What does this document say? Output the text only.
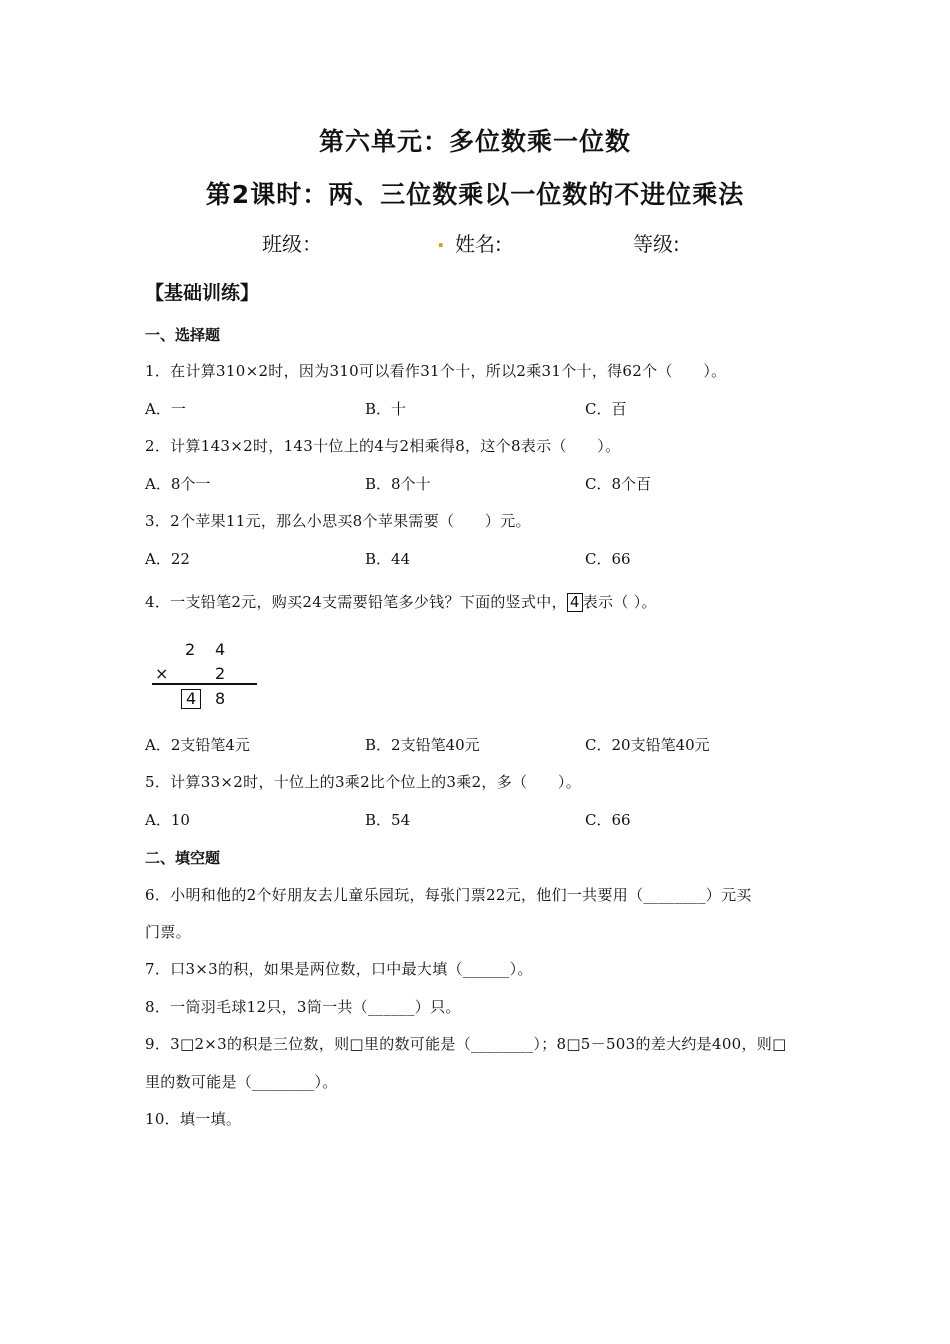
第六单元：多位数乘一位数
第2课时：两、三位数乘以一位数的不进位乘法
班级：	. 姓名:	等级:
【基础训练】
一、选择题
1．在计算310×2时，因为310可以看作31个十，所以2乘31个十，得62个（　　）。
A．一	B．十	C．百
2．计算143×2时，143十位上的4与2相乘得8，这个8表示（　　）。
A．8个一	B．8个十	C．8个百
3．2个苹果11元，那么小思买8个苹果需要（　　）元。
A．22	B．44	C．66
4．一支铅笔2元，购买24支需要铅笔多少钱？下面的竖式中， 4 表示（ ）。
2 4
×	2
4 8
A．2支铅笔4元	B．2支铅笔40元	C．20支铅笔40元
5．计算33×2时，十位上的3乘2比个位上的3乘2，多（　　）。
A．10	B．54	C．66
二、填空题
6．小明和他的2个好朋友去儿童乐园玩，每张门票22元，他们一共要用（________）元买
门票。
7．口3×3的积，如果是两位数，口中最大填（______）。
8．一筒羽毛球12只，3筒一共（______）只。
9．3□2×3的积是三位数，则□里的数可能是（________）；8□5－503的差大约是400，则□
里的数可能是（________）。
10．填一填。
